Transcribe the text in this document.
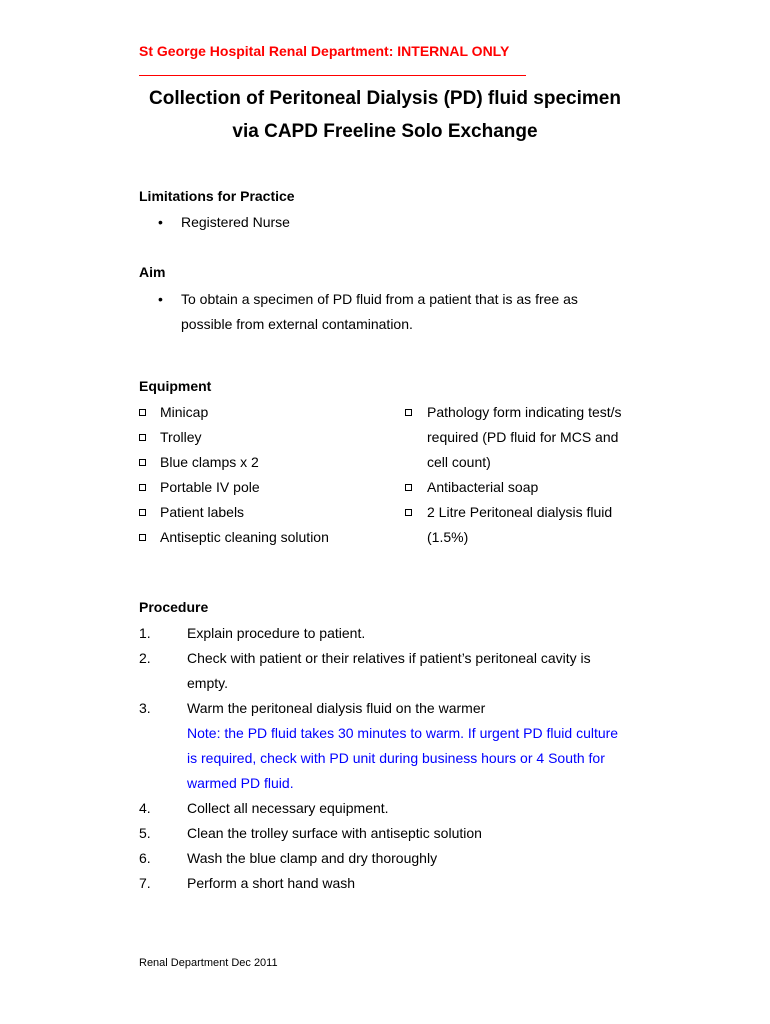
St George Hospital Renal Department: INTERNAL ONLY
Collection of Peritoneal Dialysis (PD) fluid specimen
via CAPD Freeline Solo Exchange
Limitations for Practice
• Registered Nurse
Aim
• To obtain a specimen of PD fluid from a patient that is as free as
possible from external contamination.
Equipment
Minicap
Trolley
Blue clamps x 2
Portable IV pole
Patient labels
Antiseptic cleaning solution
Pathology form indicating test/s
required (PD fluid for MCS and
cell count)
Antibacterial soap
2 Litre Peritoneal dialysis fluid
(1.5%)
Procedure
1.	Explain procedure to patient.
2.	Check with patient or their relatives if patient’s peritoneal cavity is
empty.
3.	Warm the peritoneal dialysis fluid on the warmer
Note: the PD fluid takes 30 minutes to warm. If urgent PD fluid culture
is required, check with PD unit during business hours or 4 South for
warmed PD fluid.
4.	Collect all necessary equipment.
5.	Clean the trolley surface with antiseptic solution
6.	Wash the blue clamp and dry thoroughly
7.	Perform a short hand wash
Renal Department Dec 2011
